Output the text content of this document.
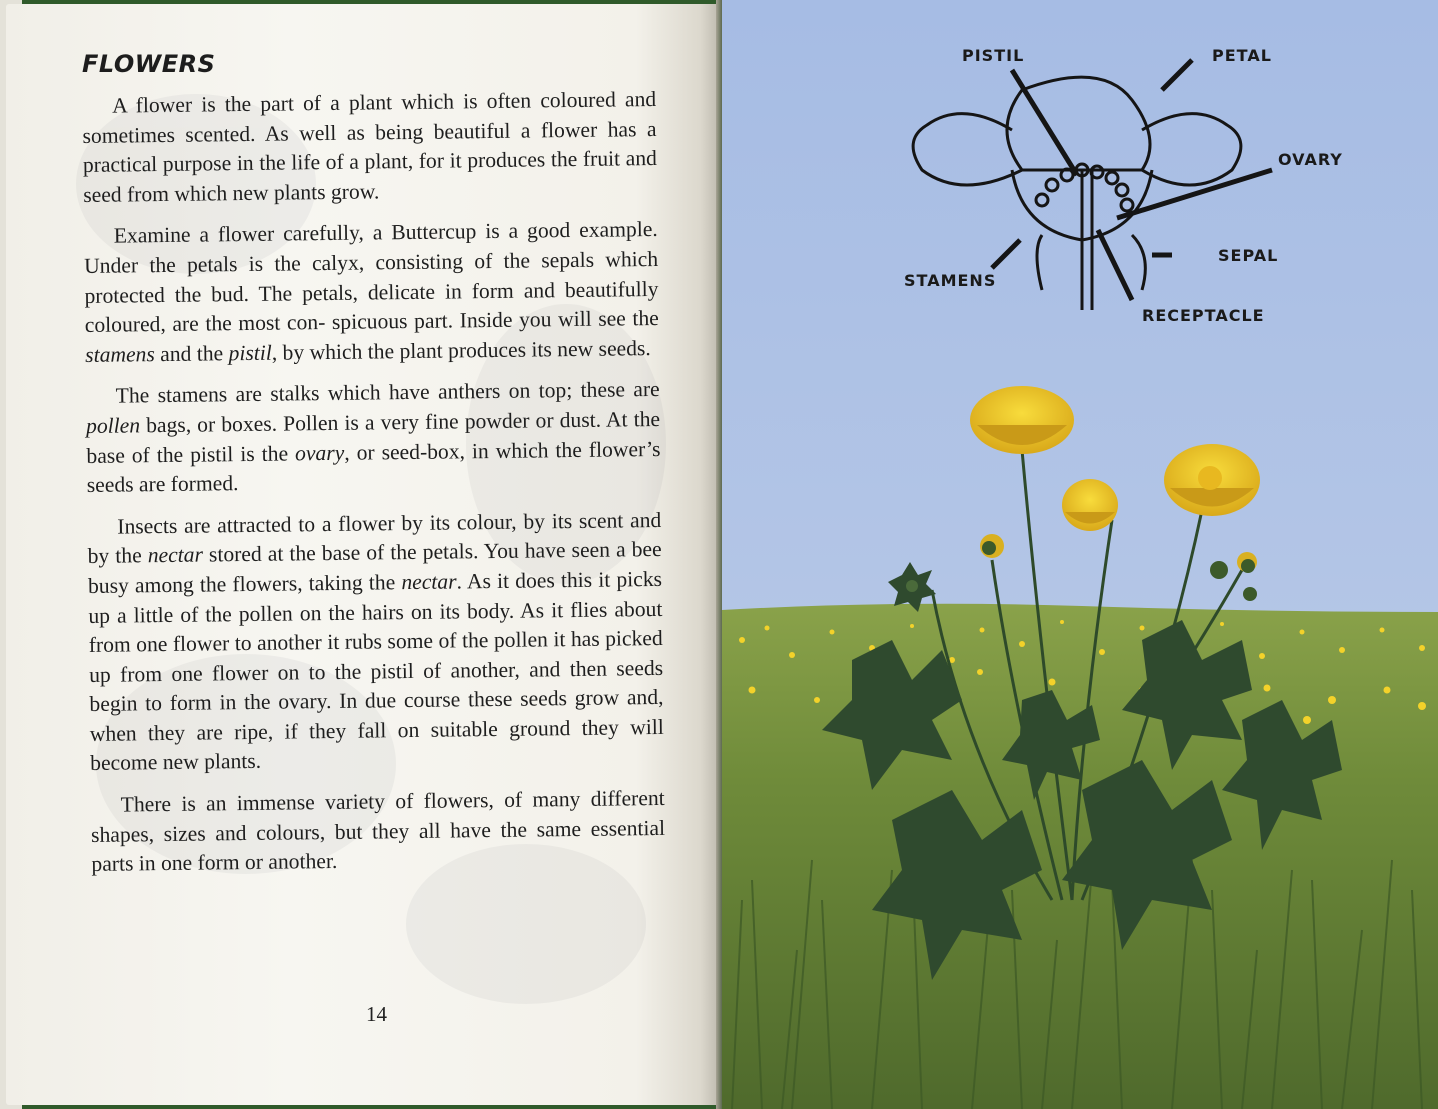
FLOWERS

A flower is the part of a plant which is often coloured and sometimes scented. As well as being beautiful a flower has a practical purpose in the life of a plant, for it produces the fruit and seed from which new plants grow.

Examine a flower carefully, a Buttercup is a good example. Under the petals is the calyx, consisting of the sepals which protected the bud. The petals, delicate in form and beautifully coloured, are the most con- spicuous part. Inside you will see the stamens and the pistil, by which the plant produces its new seeds.

The stamens are stalks which have anthers on top; these are pollen bags, or boxes. Pollen is a very fine powder or dust. At the base of the pistil is the ovary, or seed-box, in which the flower’s seeds are formed.

Insects are attracted to a flower by its colour, by its scent and by the nectar stored at the base of the petals. You have seen a bee busy among the flowers, taking the nectar. As it does this it picks up a little of the pollen on the hairs on its body. As it flies about from one flower to another it rubs some of the pollen it has picked up from one flower on to the pistil of another, and then seeds begin to form in the ovary. In due course these seeds grow and, when they are ripe, if they fall on suitable ground they will become new plants.

There is an immense variety of flowers, of many different shapes, sizes and colours, but they all have the same essential parts in one form or another.

14
PISTIL	PETAL
OVARY
SEPAL
STAMENS
RECEPTACLE
